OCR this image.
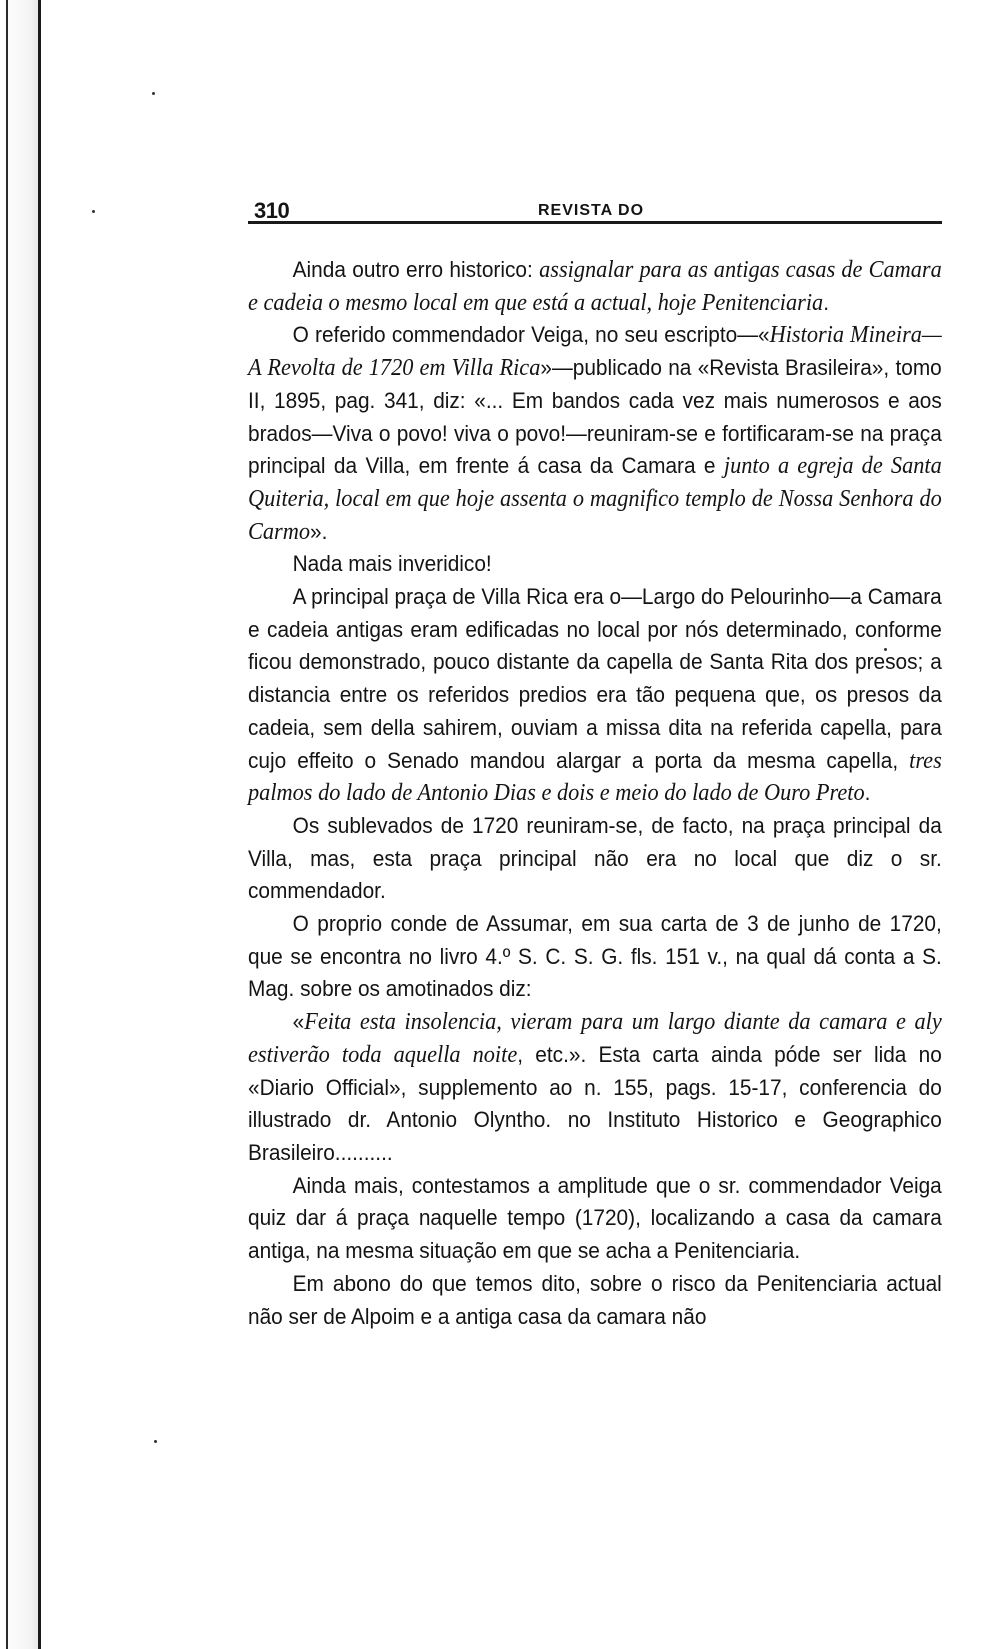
310	REVISTA DO

Ainda outro erro historico: assignalar para as antigas casas de Camara e cadeia o mesmo local em que está a actual, hoje Penitenciaria.

O referido commendador Veiga, no seu escripto—«Historia Mineira—A Revolta de 1720 em Villa Rica»—publicado na «Revista Brasileira», tomo II, 1895, pag. 341, diz: «... Em bandos cada vez mais numerosos e aos brados—Viva o povo! viva o povo!—reuniram-se e fortificaram-se na praça principal da Villa, em frente á casa da Camara e junto a egreja de Santa Quiteria, local em que hoje assenta o magnifico templo de Nossa Senhora do Carmo».

Nada mais inveridico!

A principal praça de Villa Rica era o—Largo do Pelourinho—a Camara e cadeia antigas eram edificadas no local por nós determinado, conforme ficou demonstrado, pouco distante da capella de Santa Rita dos presos; a distancia entre os referidos predios era tão pequena que, os presos da cadeia, sem della sahirem, ouviam a missa dita na referida capella, para cujo effeito o Senado mandou alargar a porta da mesma capella, tres palmos do lado de Antonio Dias e dois e meio do lado de Ouro Preto.

Os sublevados de 1720 reuniram-se, de facto, na praça principal da Villa, mas, esta praça principal não era no local que diz o sr. commendador.

O proprio conde de Assumar, em sua carta de 3 de junho de 1720, que se encontra no livro 4.º S. C. S. G. fls. 151 v., na qual dá conta a S. Mag. sobre os amotinados diz:

«Feita esta insolencia, vieram para um largo diante da camara e aly estiverão toda aquella noite, etc.». Esta carta ainda póde ser lida no «Diario Official», supplemento ao n. 155, pags. 15-17, conferencia do illustrado dr. Antonio Olyntho. no Instituto Historico e Geographico Brasileiro..........

Ainda mais, contestamos a amplitude que o sr. commendador Veiga quiz dar á praça naquelle tempo (1720), localizando a casa da camara antiga, na mesma situação em que se acha a Penitenciaria.

Em abono do que temos dito, sobre o risco da Penitenciaria actual não ser de Alpoim e a antiga casa da camara não
